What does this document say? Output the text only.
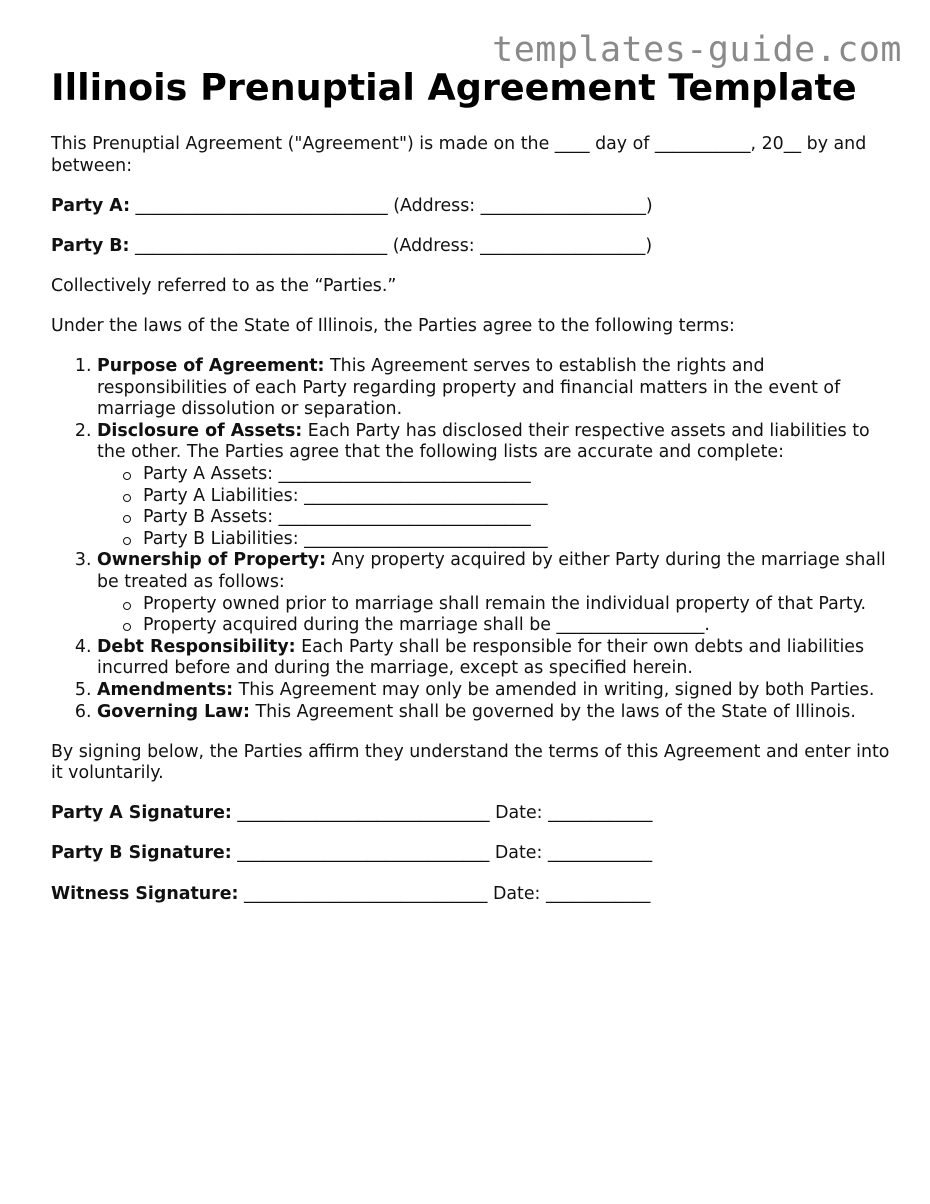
templates-guide.com
Illinois Prenuptial Agreement Template

This Prenuptial Agreement ("Agreement") is made on the ____ day of ___________, 20__ by and between:

Party A: _____________________________ (Address: ___________________)

Party B: _____________________________ (Address: ___________________)

Collectively referred to as the “Parties.”

Under the laws of the State of Illinois, the Parties agree to the following terms:

1. Purpose of Agreement: This Agreement serves to establish the rights and responsibilities of each Party regarding property and financial matters in the event of marriage dissolution or separation.
2. Disclosure of Assets: Each Party has disclosed their respective assets and liabilities to the other. The Parties agree that the following lists are accurate and complete:
Party A Assets: _____________________________
Party A Liabilities: ____________________________
Party B Assets: _____________________________
Party B Liabilities: ____________________________
3. Ownership of Property: Any property acquired by either Party during the marriage shall be treated as follows:
Property owned prior to marriage shall remain the individual property of that Party.
Property acquired during the marriage shall be _________________.
4. Debt Responsibility: Each Party shall be responsible for their own debts and liabilities incurred before and during the marriage, except as specified herein.
5. Amendments: This Agreement may only be amended in writing, signed by both Parties.
6. Governing Law: This Agreement shall be governed by the laws of the State of Illinois.

By signing below, the Parties affirm they understand the terms of this Agreement and enter into it voluntarily.

Party A Signature: _____________________________ Date: ____________

Party B Signature: _____________________________ Date: ____________

Witness Signature: ____________________________ Date: ____________
